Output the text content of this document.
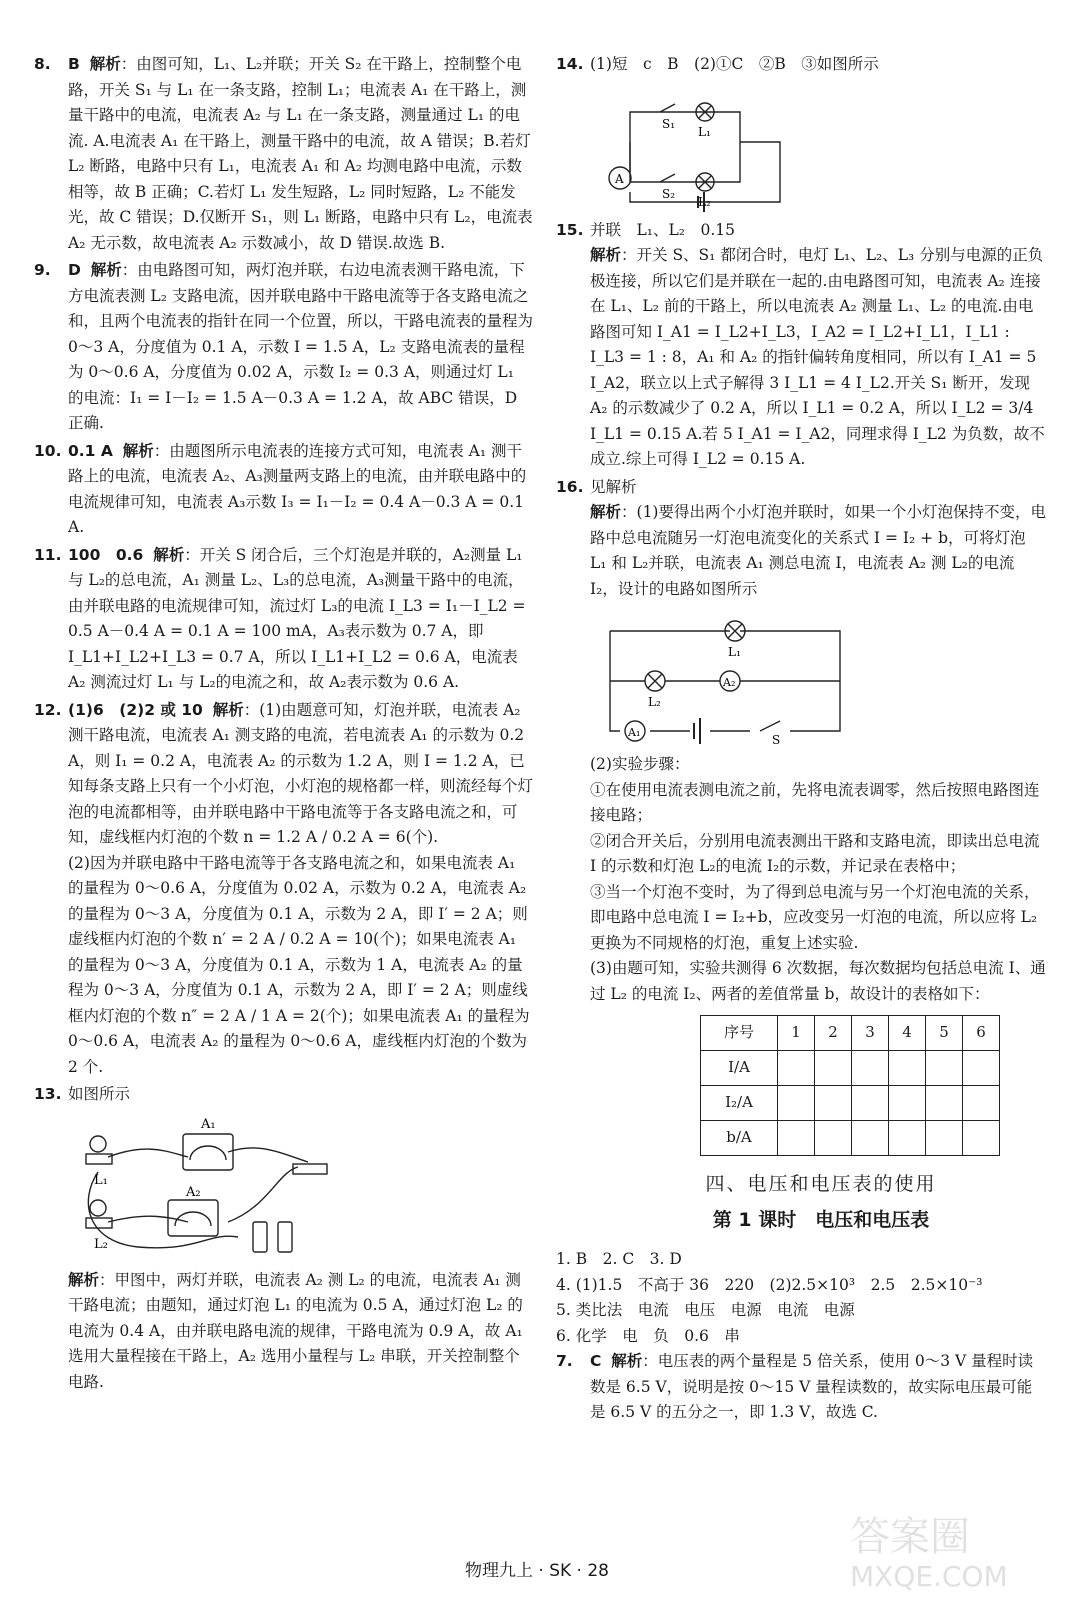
8. B 解析：由图可知，L₁、L₂并联；开关 S₂ 在干路上，控制整个电路，开关 S₁ 与 L₁ 在一条支路，控制 L₁；电流表 A₁ 在干路上，测量干路中的电流，电流表 A₂ 与 L₁ 在一条支路，测量通过 L₁ 的电流. A.电流表 A₁ 在干路上，测量干路中的电流，故 A 错误；B.若灯 L₂ 断路，电路中只有 L₁，电流表 A₁ 和 A₂ 均测电路中电流，示数相等，故 B 正确；C.若灯 L₁ 发生短路，L₂ 同时短路，L₂ 不能发光，故 C 错误；D.仅断开 S₁，则 L₁ 断路，电路中只有 L₂，电流表 A₂ 无示数，故电流表 A₂ 示数减小，故 D 错误.故选 B.
9. D 解析：由电路图可知，两灯泡并联，右边电流表测干路电流，下方电流表测 L₂ 支路电流，因并联电路中干路电流等于各支路电流之和，且两个电流表的指针在同一个位置，所以，干路电流表的量程为 0～3 A，分度值为 0.1 A，示数 I = 1.5 A，L₂ 支路电流表的量程为 0～0.6 A，分度值为 0.02 A，示数 I₂ = 0.3 A，则通过灯 L₁ 的电流：I₁ = I－I₂ = 1.5 A－0.3 A = 1.2 A，故 ABC 错误，D 正确.
10. 0.1 A 解析：由题图所示电流表的连接方式可知，电流表 A₁ 测干路上的电流，电流表 A₂、A₃测量两支路上的电流，由并联电路中的电流规律可知，电流表 A₃示数 I₃ = I₁－I₂ = 0.4 A－0.3 A = 0.1 A.
11. 100　0.6 解析：开关 S 闭合后，三个灯泡是并联的，A₂测量 L₁ 与 L₂的总电流，A₁ 测量 L₂、L₃的总电流，A₃测量干路中的电流，由并联电路的电流规律可知，流过灯 L₃的电流 I_L3 = I₁－I_L2 = 0.5 A－0.4 A = 0.1 A = 100 mA，A₃表示数为 0.7 A，即 I_L1+I_L2+I_L3 = 0.7 A，所以 I_L1+I_L2 = 0.6 A，电流表 A₂ 测流过灯 L₁ 与 L₂的电流之和，故 A₂表示数为 0.6 A.
12. (1)6　(2)2 或 10 解析：(1)由题意可知，灯泡并联，电流表 A₂ 测干路电流，电流表 A₁ 测支路的电流，若电流表 A₁ 的示数为 0.2 A，则 I₁ = 0.2 A，电流表 A₂ 的示数为 1.2 A，则 I = 1.2 A，已知每条支路上只有一个小灯泡，小灯泡的规格都一样，则流经每个灯泡的电流都相等，由并联电路中干路电流等于各支路电流之和，可知，虚线框内灯泡的个数 n = 1.2 A / 0.2 A = 6(个).
(2)因为并联电路中干路电流等于各支路电流之和，如果电流表 A₁ 的量程为 0～0.6 A，分度值为 0.02 A，示数为 0.2 A，电流表 A₂ 的量程为 0～3 A，分度值为 0.1 A，示数为 2 A，即 I′ = 2 A；则虚线框内灯泡的个数 n′ = 2 A / 0.2 A = 10(个)；如果电流表 A₁ 的量程为 0～3 A，分度值为 0.1 A，示数为 1 A，电流表 A₂ 的量程为 0～3 A，分度值为 0.1 A，示数为 2 A，即 I′ = 2 A；则虚线框内灯泡的个数 n″ = 2 A / 1 A = 2(个)；如果电流表 A₁ 的量程为 0～0.6 A，电流表 A₂ 的量程为 0～0.6 A，虚线框内灯泡的个数为 2 个.
13. 如图所示
A₁
A₂
L₁
L₂
解析：甲图中，两灯并联，电流表 A₂ 测 L₂ 的电流，电流表 A₁ 测干路电流；由题知，通过灯泡 L₁ 的电流为 0.5 A，通过灯泡 L₂ 的电流为 0.4 A，由并联电路电流的规律，干路电流为 0.9 A，故 A₁ 选用大量程接在干路上，A₂ 选用小量程与 L₂ 串联，开关控制整个电路.
14. (1)短　c　B　(2)①C　②B　③如图所示
S₁
S₂
L₁
L₂
A
15. 并联　L₁、L₂　0.15
解析：开关 S、S₁ 都闭合时，电灯 L₁、L₂、L₃ 分别与电源的正负极连接，所以它们是并联在一起的.由电路图可知，电流表 A₂ 连接在 L₁、L₂ 前的干路上，所以电流表 A₂ 测量 L₁、L₂ 的电流.由电路图可知 I_A1 = I_L2+I_L3，I_A2 = I_L2+I_L1，I_L1 : I_L3 = 1 : 8，A₁ 和 A₂ 的指针偏转角度相同，所以有 I_A1 = 5 I_A2，联立以上式子解得 3 I_L1 = 4 I_L2.开关 S₁ 断开，发现 A₂ 的示数减少了 0.2 A，所以 I_L1 = 0.2 A，所以 I_L2 = 3/4 I_L1 = 0.15 A.若 5 I_A1 = I_A2，同理求得 I_L2 为负数，故不成立.综上可得 I_L2 = 0.15 A.
16. 见解析
解析：(1)要得出两个小灯泡并联时，如果一个小灯泡保持不变，电路中总电流随另一灯泡电流变化的关系式 I = I₂ + b，可将灯泡 L₁ 和 L₂并联，电流表 A₁ 测总电流 I，电流表 A₂ 测 L₂的电流 I₂，设计的电路如图所示
L₁
L₂
A₂
A₁
S
(2)实验步骤：
①在使用电流表测电流之前，先将电流表调零，然后按照电路图连接电路；
②闭合开关后，分别用电流表测出干路和支路电流，即读出总电流 I 的示数和灯泡 L₂的电流 I₂的示数，并记录在表格中；
③当一个灯泡不变时，为了得到总电流与另一个灯泡电流的关系，即电路中总电流 I = I₂+b，应改变另一灯泡的电流，所以应将 L₂更换为不同规格的灯泡，重复上述实验.
(3)由题可知，实验共测得 6 次数据，每次数据均包括总电流 I、通过 L₂ 的电流 I₂、两者的差值常量 b，故设计的表格如下：
序号	1	2	3	4	5	6
I/A						
I₂/A						
b/A						
四、电压和电压表的使用
第 1 课时　电压和电压表
1. B　2. C　3. D
4. (1)1.5　不高于 36　220　(2)2.5×10³　2.5　2.5×10⁻³
5. 类比法　电流　电压　电源　电流　电源
6. 化学　电　负　0.6　串
7. C 解析：电压表的两个量程是 5 倍关系，使用 0～3 V 量程时读数是 6.5 V，说明是按 0～15 V 量程读数的，故实际电压最可能是 6.5 V 的五分之一，即 1.3 V，故选 C.
物理九上 · SK · 28
答案圈
MXQE.COM
